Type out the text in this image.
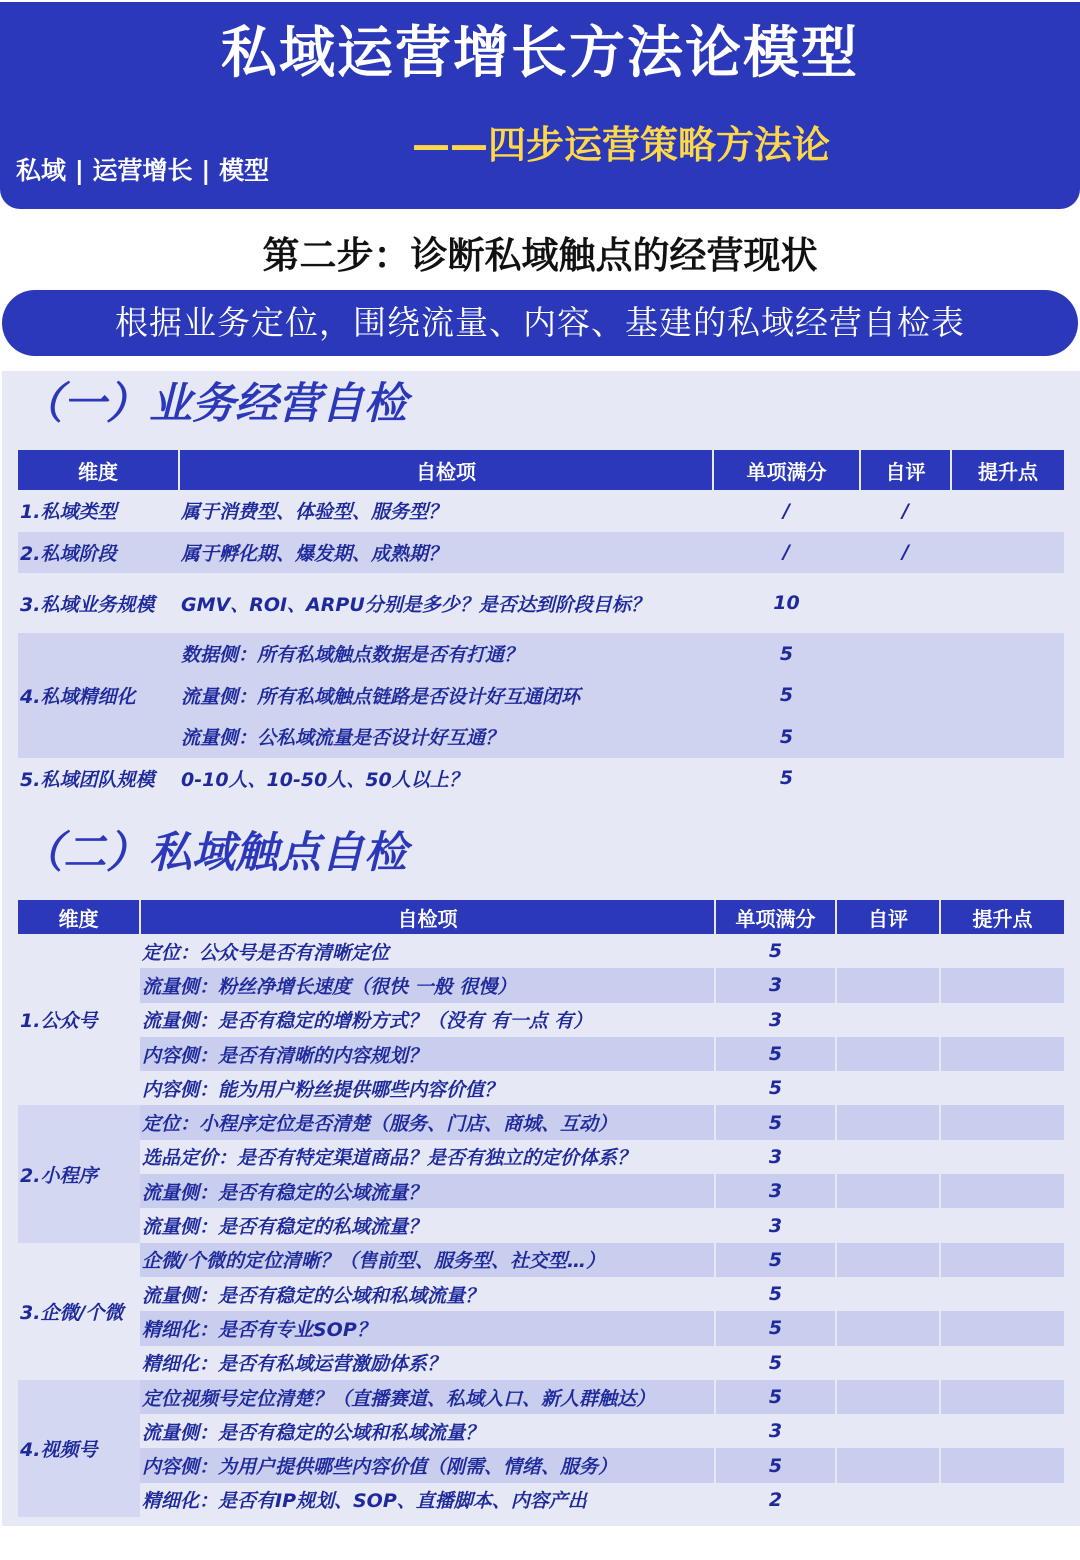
私域运营增长方法论模型
——四步运营策略方法论
私域 | 运营增长 | 模型
第二步：诊断私域触点的经营现状
根据业务定位，围绕流量、内容、基建的私域经营自检表
（一）业务经营自检
维度	自检项	单项满分	自评	提升点
1.私域类型	属于消费型、体验型、服务型？	/	/	
2.私域阶段	属于孵化期、爆发期、成熟期？	/	/	
3.私域业务规模	GMV、ROI、ARPU分别是多少？是否达到阶段目标？	10		
4.私域精细化	数据侧：所有私域触点数据是否有打通？	5		
	流量侧：所有私域触点链路是否设计好互通闭环	5		
	流量侧：公私域流量是否设计好互通？	5		
5.私域团队规模	0-10人、10-50人、50人以上？	5		
（二）私域触点自检
维度	自检项	单项满分	自评	提升点
1.公众号	定位：公众号是否有清晰定位	5		
	流量侧：粉丝净增长速度（很快 一般 很慢）	3		
	流量侧：是否有稳定的增粉方式？（没有 有一点 有）	3		
	内容侧：是否有清晰的内容规划？	5		
	内容侧：能为用户粉丝提供哪些内容价值？	5		
2.小程序	定位：小程序定位是否清楚（服务、门店、商城、互动）	5		
	选品定价：是否有特定渠道商品？是否有独立的定价体系？	3		
	流量侧：是否有稳定的公域流量？	3		
	流量侧：是否有稳定的私域流量？	3		
3.企微/个微	企微/个微的定位清晰？（售前型、服务型、社交型…）	5		
	流量侧：是否有稳定的公域和私域流量？	5		
	精细化：是否有专业SOP？	5		
	精细化：是否有私域运营激励体系？	5		
4.视频号	定位视频号定位清楚？（直播赛道、私域入口、新人群触达）	5		
	流量侧：是否有稳定的公域和私域流量？	3		
	内容侧：为用户提供哪些内容价值（刚需、情绪、服务）	5		
	精细化：是否有IP规划、SOP、直播脚本、内容产出	2		
